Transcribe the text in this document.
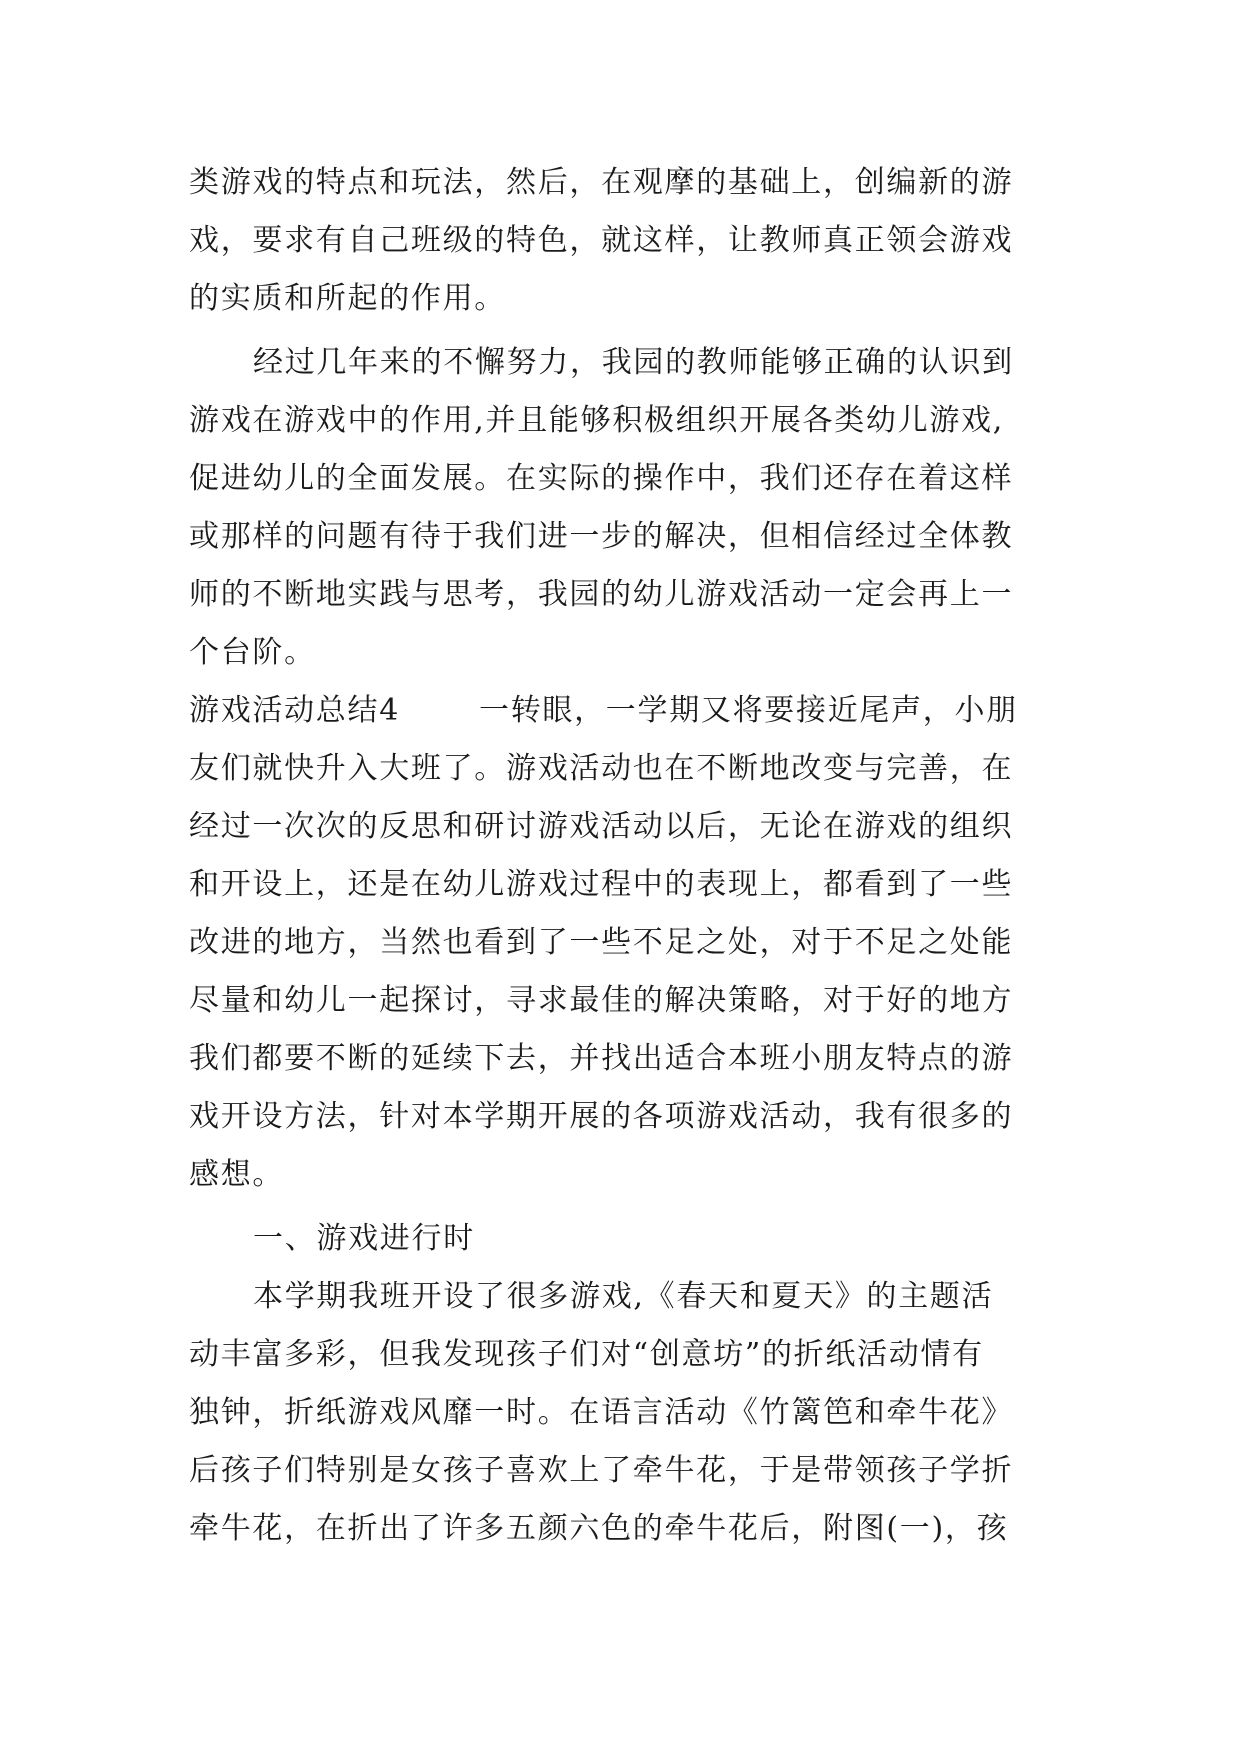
类游戏的特点和玩法，然后，在观摩的基础上，创编新的游
戏，要求有自己班级的特色，就这样，让教师真正领会游戏
的实质和所起的作用。
经过几年来的不懈努力，我园的教师能够正确的认识到
游戏在游戏中的作用,并且能够积极组织开展各类幼儿游戏,
促进幼儿的全面发展。在实际的操作中，我们还存在着这样
或那样的问题有待于我们进一步的解决，但相信经过全体教
师的不断地实践与思考，我园的幼儿游戏活动一定会再上一
个台阶。
游戏活动总结4	一转眼，一学期又将要接近尾声，小朋
友们就快升入大班了。游戏活动也在不断地改变与完善，在
经过一次次的反思和研讨游戏活动以后，无论在游戏的组织
和开设上，还是在幼儿游戏过程中的表现上，都看到了一些
改进的地方，当然也看到了一些不足之处，对于不足之处能
尽量和幼儿一起探讨，寻求最佳的解决策略，对于好的地方
我们都要不断的延续下去，并找出适合本班小朋友特点的游
戏开设方法，针对本学期开展的各项游戏活动，我有很多的
感想。
一、游戏进行时
本学期我班开设了很多游戏,《春天和夏天》的主题活
动丰富多彩，但我发现孩子们对“创意坊”的折纸活动情有
独钟，折纸游戏风靡一时。在语言活动《竹篱笆和牵牛花》
后孩子们特别是女孩子喜欢上了牵牛花，于是带领孩子学折
牵牛花，在折出了许多五颜六色的牵牛花后，附图(一)，孩
